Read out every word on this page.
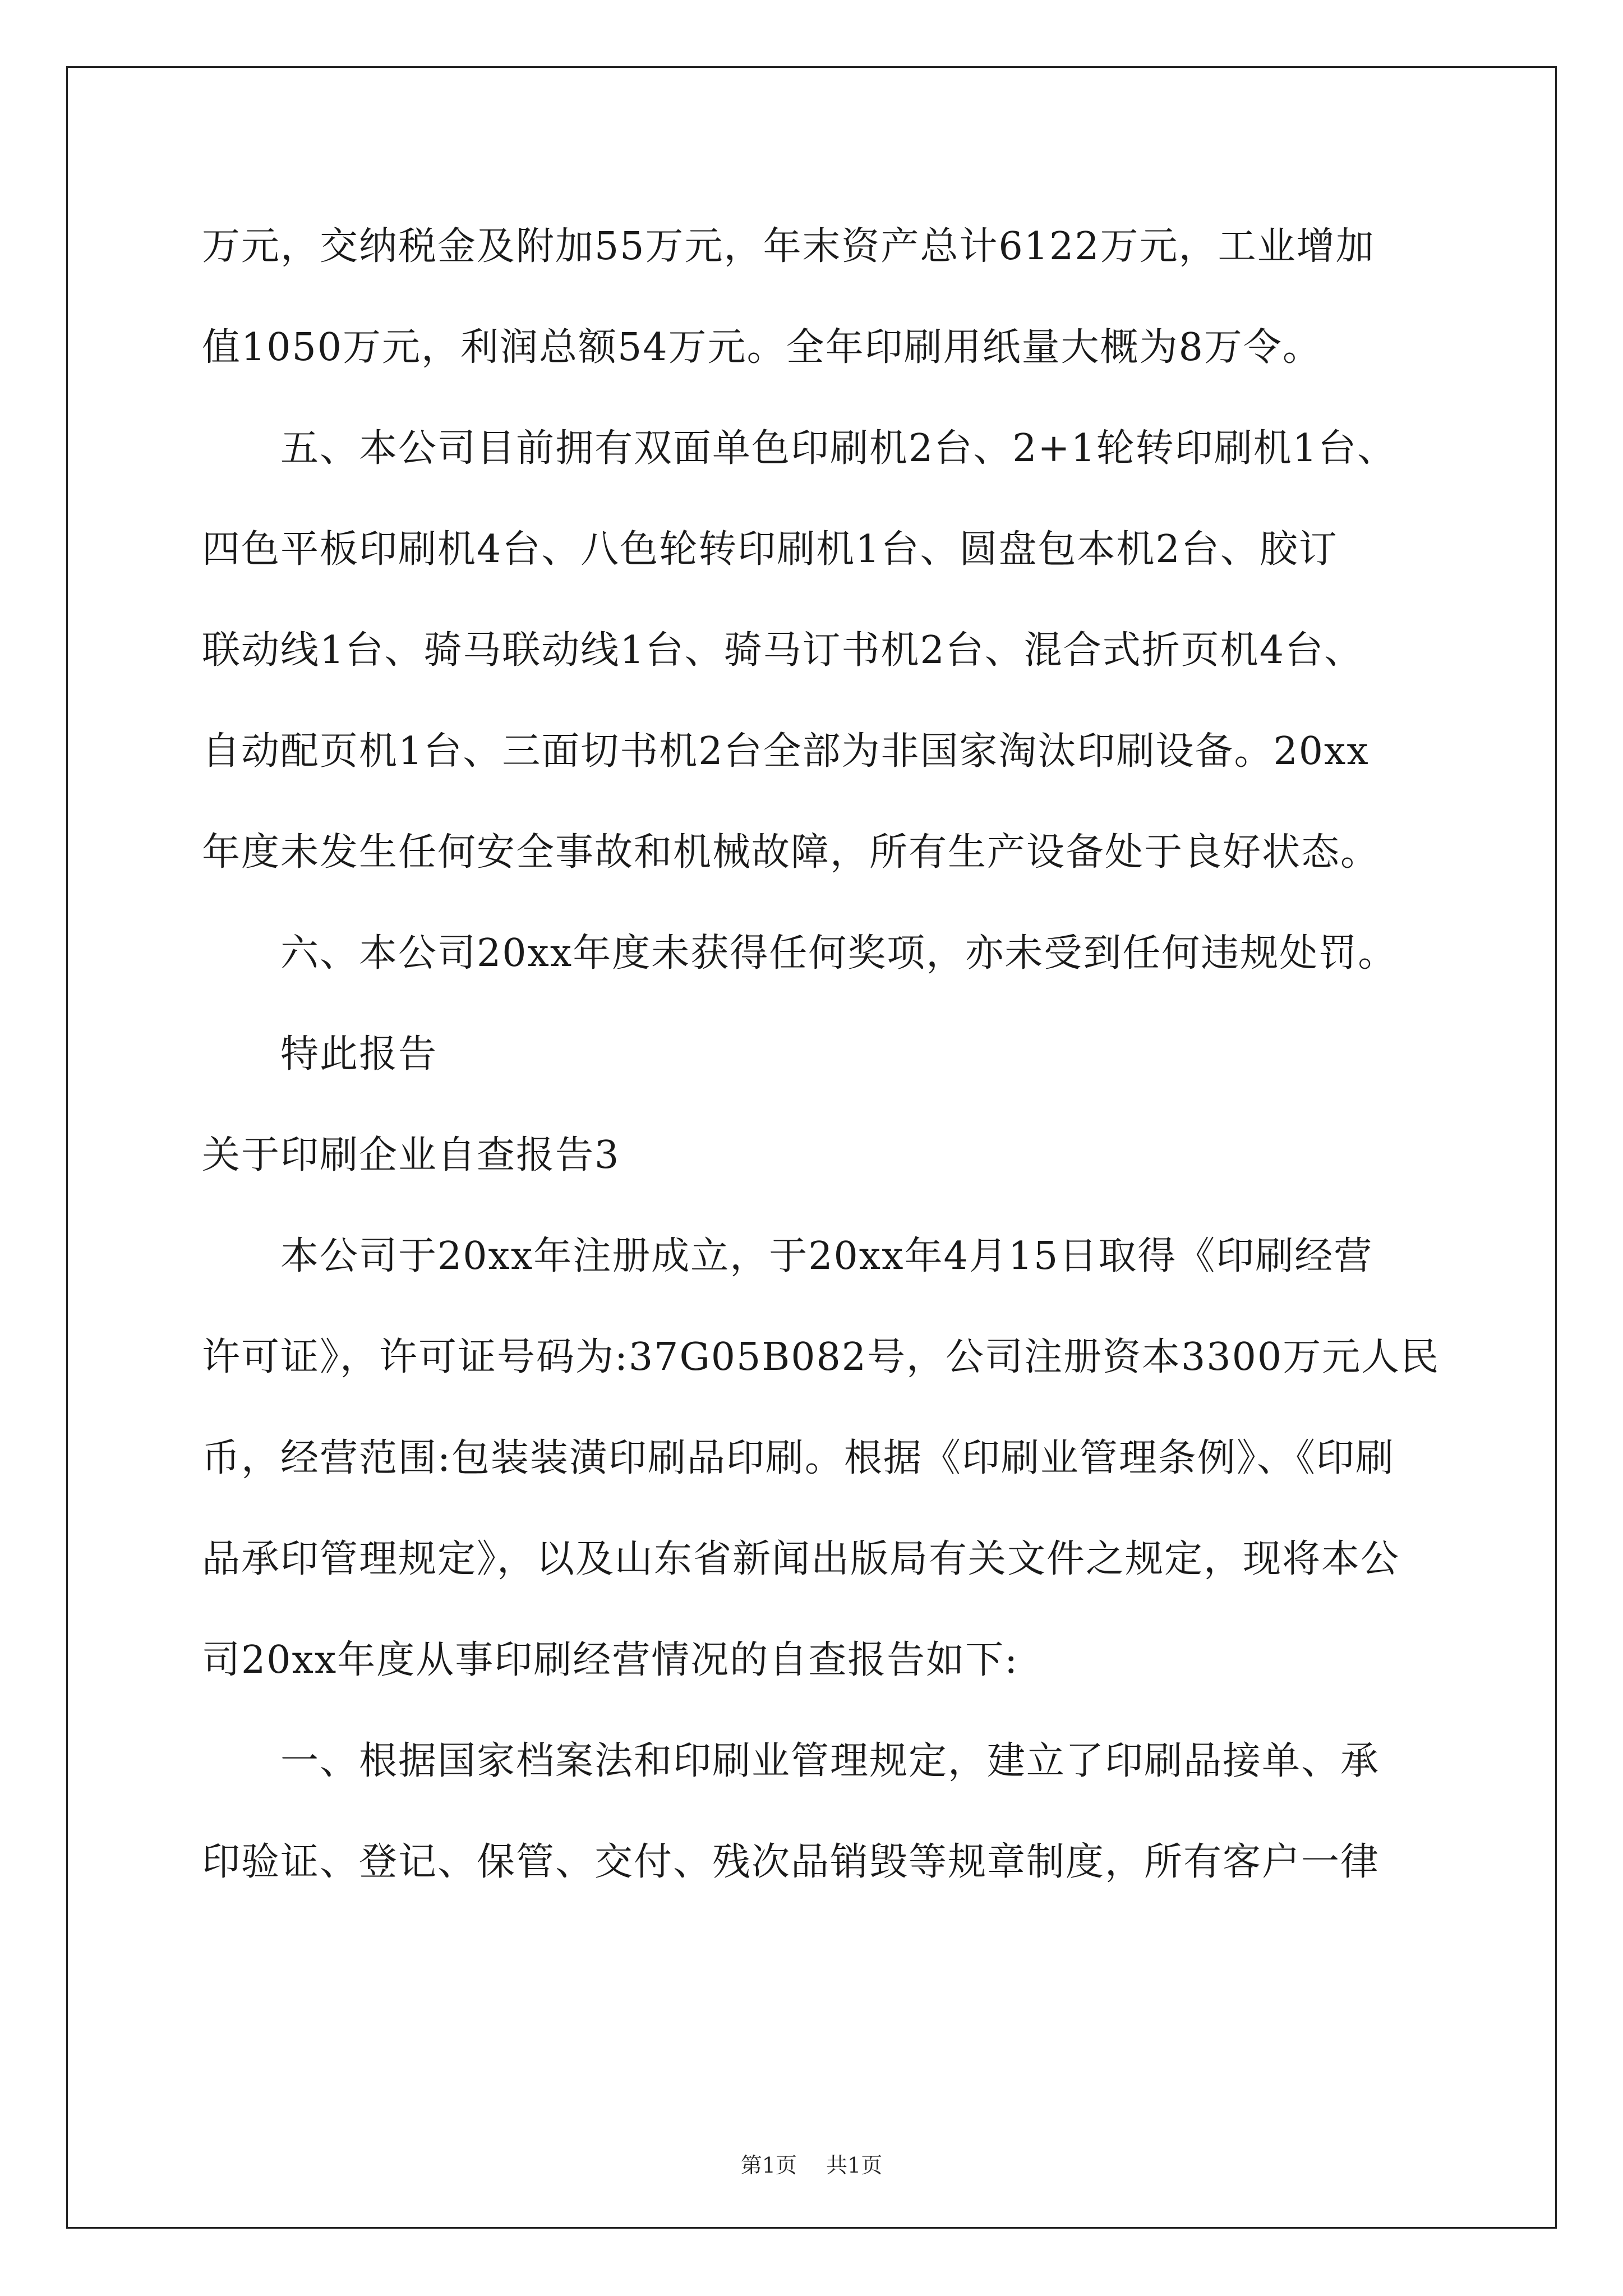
万元，交纳税金及附加55万元，年末资产总计6122万元，工业增加
值1050万元，利润总额54万元。全年印刷用纸量大概为8万令。
五、本公司目前拥有双面单色印刷机2台、2+1轮转印刷机1台、
四色平板印刷机4台、八色轮转印刷机1台、圆盘包本机2台、胶订
联动线1台、骑马联动线1台、骑马订书机2台、混合式折页机4台、
自动配页机1台、三面切书机2台全部为非国家淘汰印刷设备。20xx
年度未发生任何安全事故和机械故障，所有生产设备处于良好状态。
六、本公司20xx年度未获得任何奖项，亦未受到任何违规处罚。
特此报告
关于印刷企业自查报告3
本公司于20xx年注册成立，于20xx年4月15日取得《印刷经营
许可证》，许可证号码为:37G05B082号，公司注册资本3300万元人民
币，经营范围:包装装潢印刷品印刷。根据《印刷业管理条例》、《印刷
品承印管理规定》，以及山东省新闻出版局有关文件之规定，现将本公
司20xx年度从事印刷经营情况的自查报告如下:
一、根据国家档案法和印刷业管理规定，建立了印刷品接单、承
印验证、登记、保管、交付、残次品销毁等规章制度，所有客户一律
第1页 共1页
